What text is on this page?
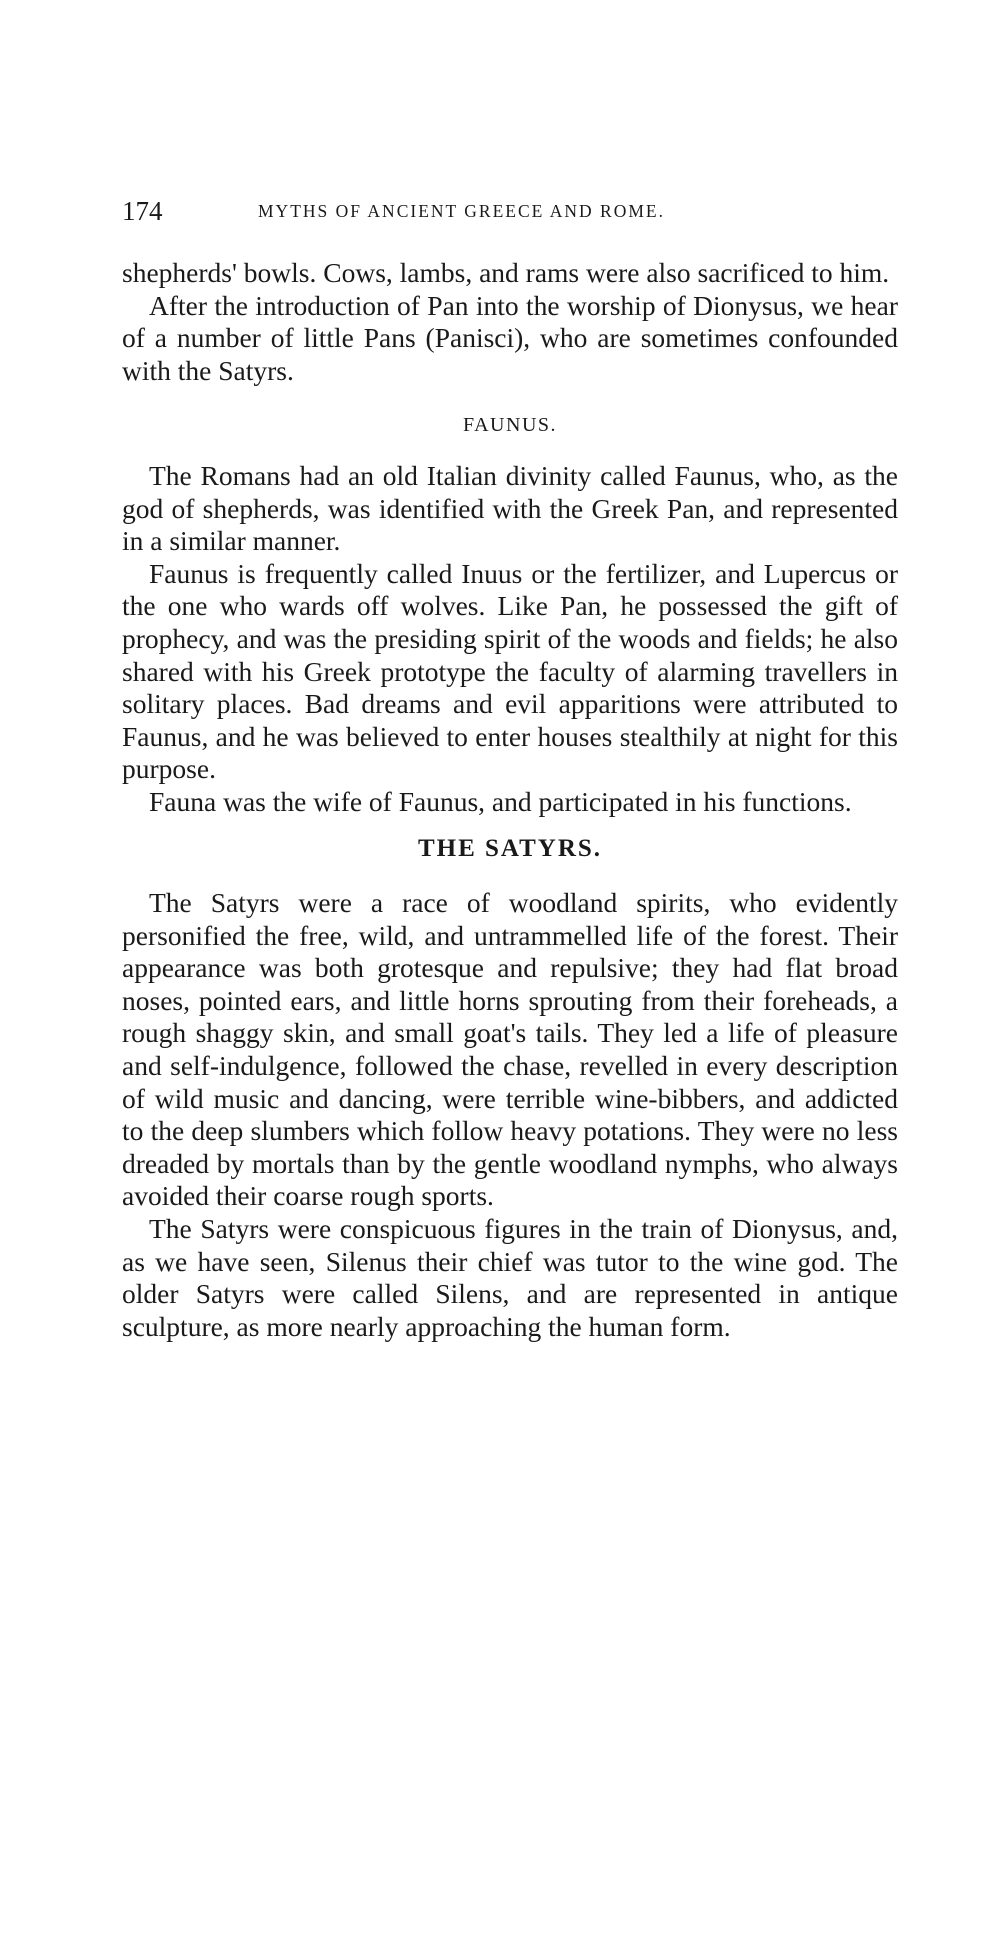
174	MYTHS OF ANCIENT GREECE AND ROME.

shepherds' bowls. Cows, lambs, and rams were also sacrificed to him.

After the introduction of Pan into the worship of Dionysus, we hear of a number of little Pans (Panisci), who are sometimes confounded with the Satyrs.

FAUNUS.

The Romans had an old Italian divinity called Faunus, who, as the god of shepherds, was identified with the Greek Pan, and represented in a similar manner.

Faunus is frequently called Inuus or the fertilizer, and Lupercus or the one who wards off wolves. Like Pan, he possessed the gift of prophecy, and was the presiding spirit of the woods and fields; he also shared with his Greek prototype the faculty of alarming travellers in solitary places. Bad dreams and evil apparitions were attributed to Faunus, and he was believed to enter houses stealthily at night for this purpose.

Fauna was the wife of Faunus, and participated in his functions.

THE SATYRS.

The Satyrs were a race of woodland spirits, who evidently personified the free, wild, and untrammelled life of the forest. Their appearance was both grotesque and repulsive; they had flat broad noses, pointed ears, and little horns sprouting from their foreheads, a rough shaggy skin, and small goat's tails. They led a life of pleasure and self-indulgence, followed the chase, revelled in every description of wild music and dancing, were terrible wine-bibbers, and addicted to the deep slumbers which follow heavy potations. They were no less dreaded by mortals than by the gentle woodland nymphs, who always avoided their coarse rough sports.

The Satyrs were conspicuous figures in the train of Dionysus, and, as we have seen, Silenus their chief was tutor to the wine god. The older Satyrs were called Silens, and are represented in antique sculpture, as more nearly approaching the human form.
